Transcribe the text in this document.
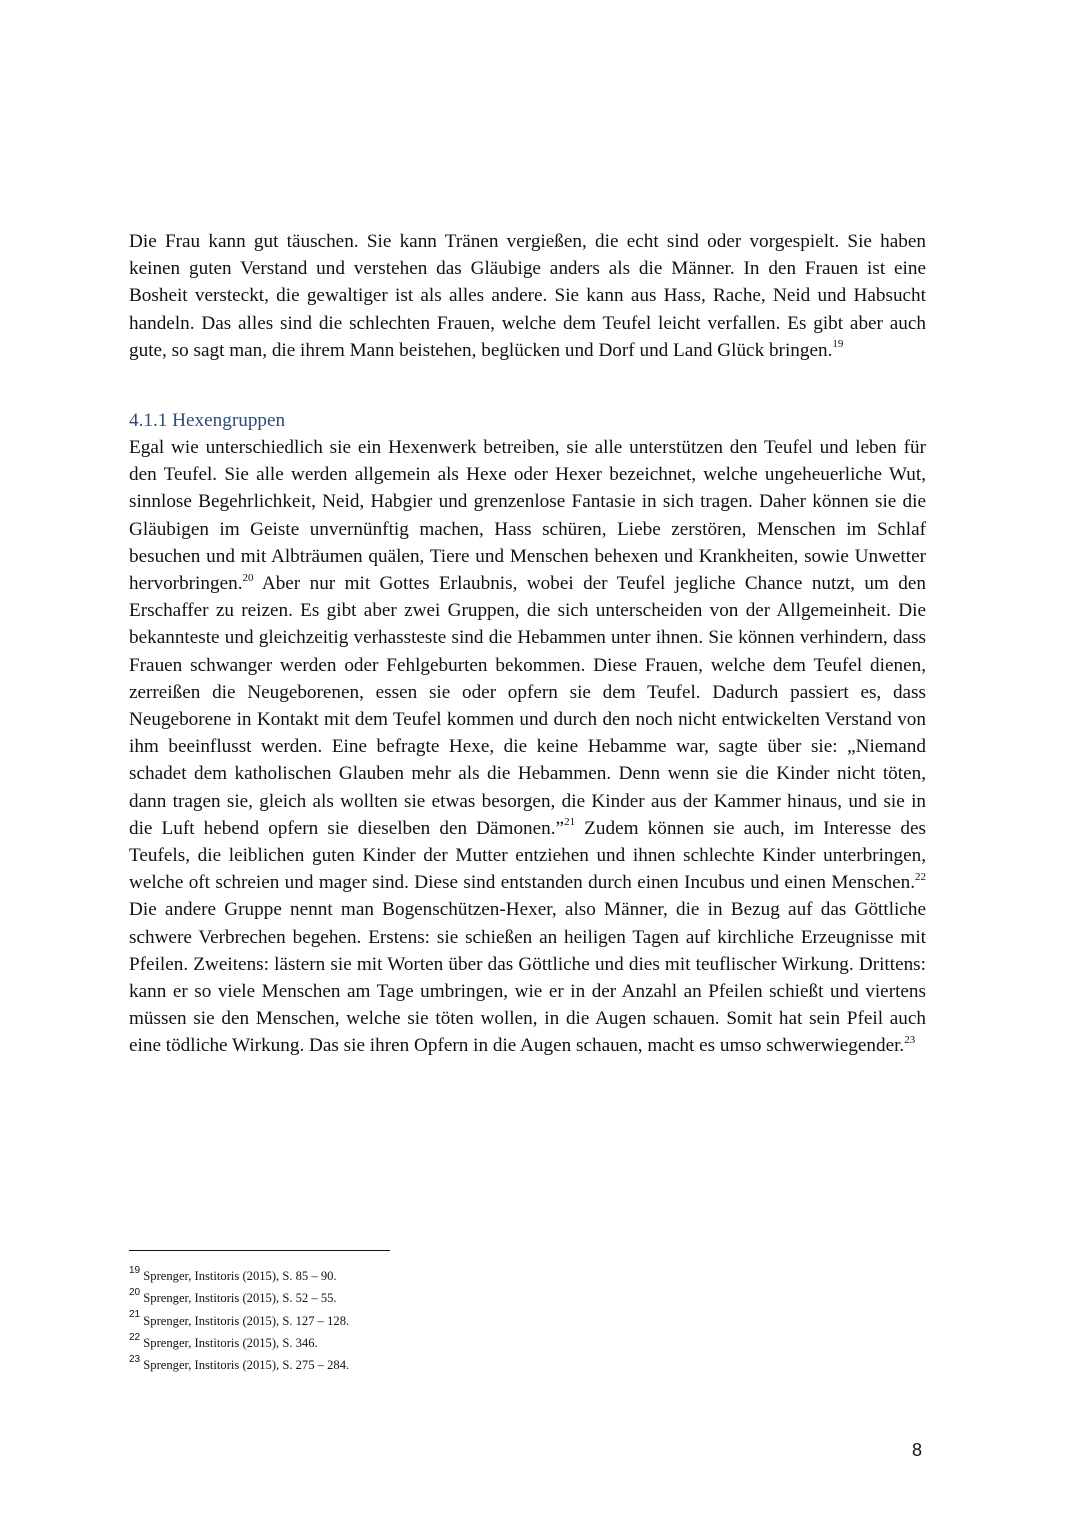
Die Frau kann gut täuschen. Sie kann Tränen vergießen, die echt sind oder vorgespielt. Sie haben keinen guten Verstand und verstehen das Gläubige anders als die Männer. In den Frauen ist eine Bosheit versteckt, die gewaltiger ist als alles andere. Sie kann aus Hass, Rache, Neid und Habsucht handeln. Das alles sind die schlechten Frauen, welche dem Teufel leicht verfallen. Es gibt aber auch gute, so sagt man, die ihrem Mann beistehen, beglücken und Dorf und Land Glück bringen.$^{19}$

4.1.1 Hexengruppen

Egal wie unterschiedlich sie ein Hexenwerk betreiben, sie alle unterstützen den Teufel und leben für den Teufel. Sie alle werden allgemein als Hexe oder Hexer bezeichnet, welche ungeheuerliche Wut, sinnlose Begehrlichkeit, Neid, Habgier und grenzenlose Fantasie in sich tragen. Daher können sie die Gläubigen im Geiste unvernünftig machen, Hass schüren, Liebe zerstören, Menschen im Schlaf besuchen und mit Albträumen quälen, Tiere und Menschen behexen und Krankheiten, sowie Unwetter hervorbringen.$^{20}$ Aber nur mit Gottes Erlaubnis, wobei der Teufel jegliche Chance nutzt, um den Erschaffer zu reizen. Es gibt aber zwei Gruppen, die sich unterscheiden von der Allgemeinheit. Die bekannteste und gleichzeitig verhassteste sind die Hebammen unter ihnen. Sie können verhindern, dass Frauen schwanger werden oder Fehlgeburten bekommen. Diese Frauen, welche dem Teufel dienen, zerreißen die Neugeborenen, essen sie oder opfern sie dem Teufel. Dadurch passiert es, dass Neugeborene in Kontakt mit dem Teufel kommen und durch den noch nicht entwickelten Verstand von ihm beeinflusst werden. Eine befragte Hexe, die keine Hebamme war, sagte über sie: „Niemand schadet dem katholischen Glauben mehr als die Hebammen. Denn wenn sie die Kinder nicht töten, dann tragen sie, gleich als wollten sie etwas besorgen, die Kinder aus der Kammer hinaus, und sie in die Luft hebend opfern sie dieselben den Dämonen.”$^{21}$ Zudem können sie auch, im Interesse des Teufels, die leiblichen guten Kinder der Mutter entziehen und ihnen schlechte Kinder unterbringen, welche oft schreien und mager sind. Diese sind entstanden durch einen Incubus und einen Menschen.$^{22}$ Die andere Gruppe nennt man Bogenschützen-Hexer, also Männer, die in Bezug auf das Göttliche schwere Verbrechen begehen. Erstens: sie schießen an heiligen Tagen auf kirchliche Erzeugnisse mit Pfeilen. Zweitens: lästern sie mit Worten über das Göttliche und dies mit teuflischer Wirkung. Drittens: kann er so viele Menschen am Tage umbringen, wie er in der Anzahl an Pfeilen schießt und viertens müssen sie den Menschen, welche sie töten wollen, in die Augen schauen. Somit hat sein Pfeil auch eine tödliche Wirkung. Das sie ihren Opfern in die Augen schauen, macht es umso schwerwiegender.$^{23}$

$^{19}$ Sprenger, Institoris (2015), S. 85 – 90.
$^{20}$ Sprenger, Institoris (2015), S. 52 – 55.
$^{21}$ Sprenger, Institoris (2015), S. 127 – 128.
$^{22}$ Sprenger, Institoris (2015), S. 346.
$^{23}$ Sprenger, Institoris (2015), S. 275 – 284.
8
